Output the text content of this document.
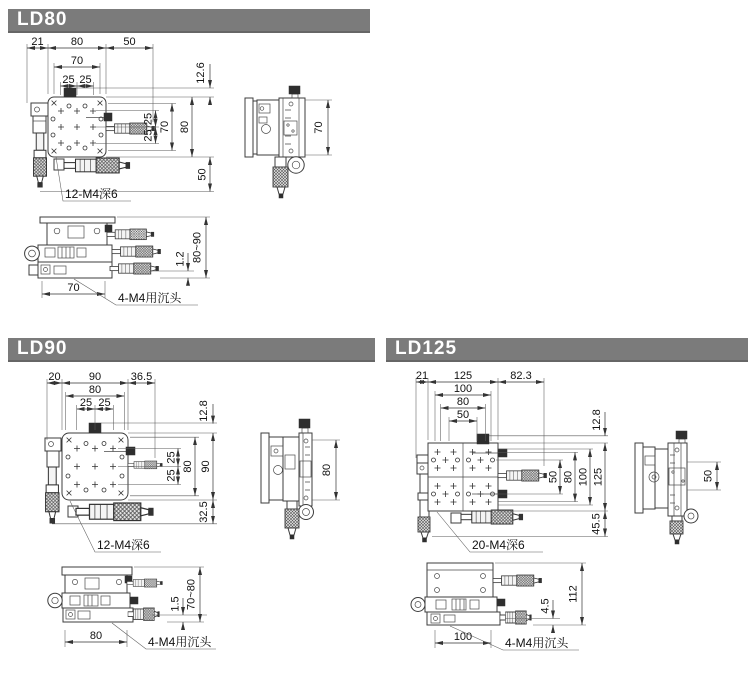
LD80
LD90	LD125
21 80	50
70
25 25	12.6
25
25
70 80
50
70
70
80~90
1.2
12-M4深6
4-M4用沉头
20	90	36.5
80
25 25	12.8
25
25
80 90
32.5
80
80
70~80
1.5
12-M4深6
4-M4用沉头
21 125	82.3
100
80
50	12.8
50 80 100 125
45.5
50
100
112
4.5
20-M4深6
4-M4用沉头
